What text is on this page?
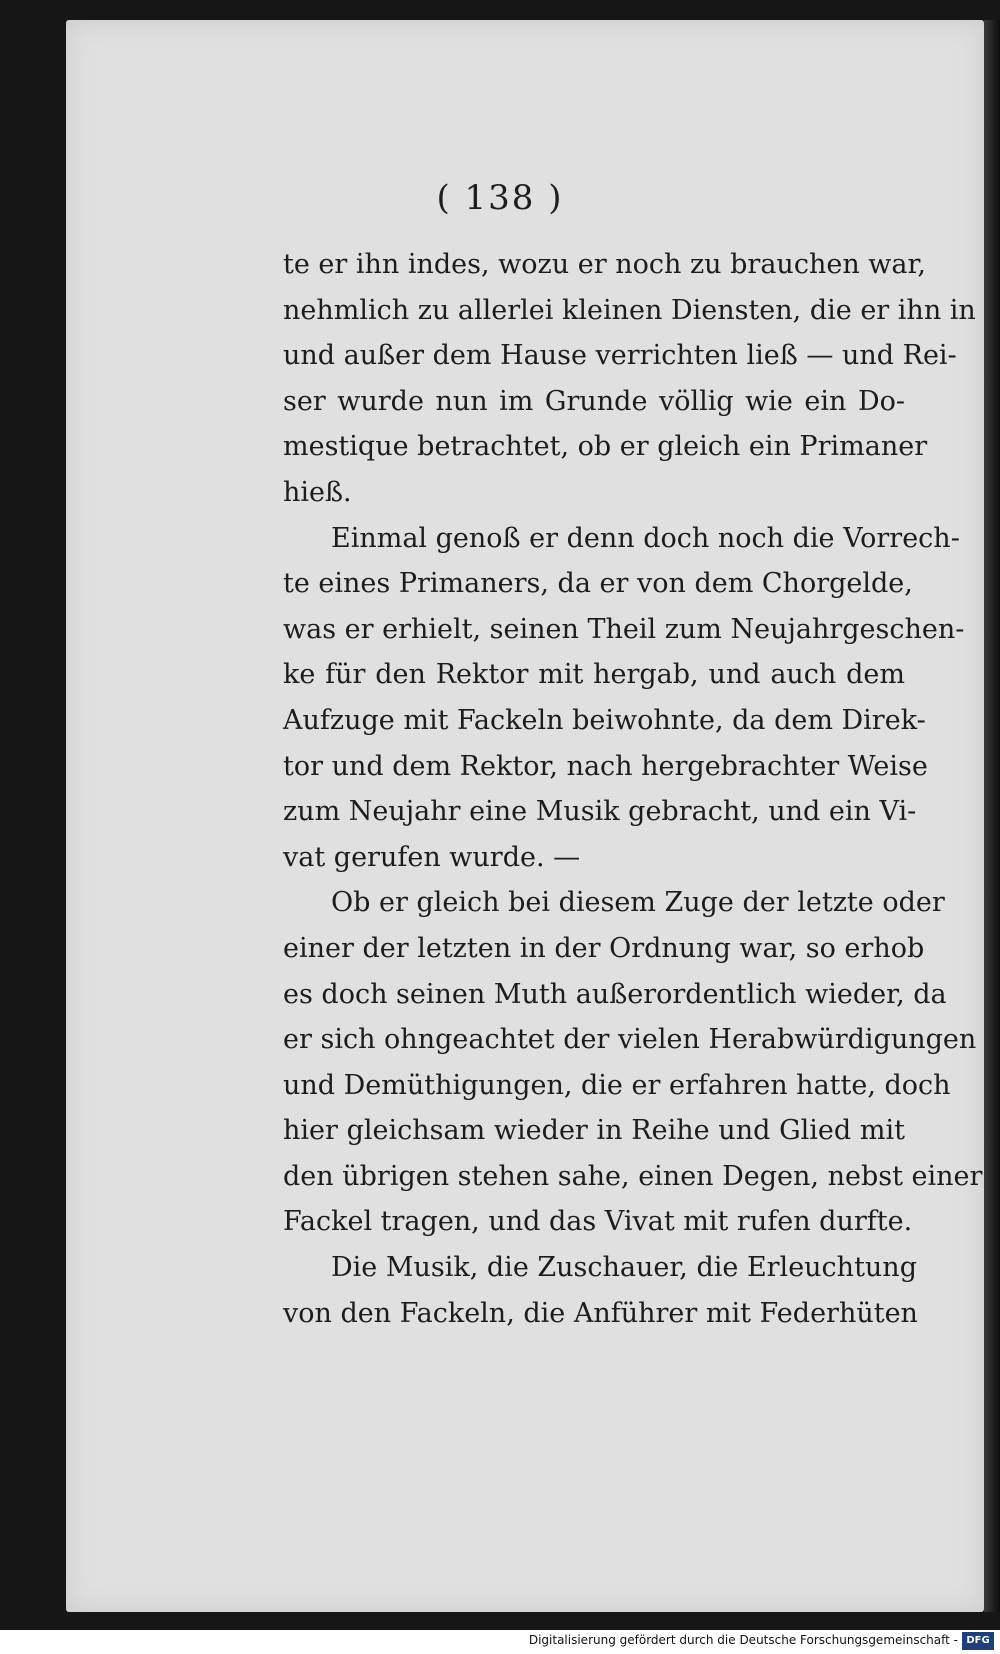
( 138 )

te er ihn indes, wozu er noch zu brauchen war,
nehmlich zu allerlei kleinen Diensten, die er ihn in
und außer dem Hause verrichten ließ — und Rei-
ser wurde nun im Grunde völlig wie ein Do-
mestique betrachtet, ob er gleich ein Primaner
hieß.
Einmal genoß er denn doch noch die Vorrech-
te eines Primaners, da er von dem Chorgelde,
was er erhielt, seinen Theil zum Neujahrgeschen-
ke für den Rektor mit hergab, und auch dem
Aufzuge mit Fackeln beiwohnte, da dem Direk-
tor und dem Rektor, nach hergebrachter Weise
zum Neujahr eine Musik gebracht, und ein Vi-
vat gerufen wurde. —
Ob er gleich bei diesem Zuge der letzte oder
einer der letzten in der Ordnung war, so erhob
es doch seinen Muth außerordentlich wieder, da
er sich ohngeachtet der vielen Herabwürdigungen
und Demüthigungen, die er erfahren hatte, doch
hier gleichsam wieder in Reihe und Glied mit
den übrigen stehen sahe, einen Degen, nebst einer
Fackel tragen, und das Vivat mit rufen durfte.
Die Musik, die Zuschauer, die Erleuchtung
von den Fackeln, die Anführer mit Federhüten
Digitalisierung gefördert durch die Deutsche Forschungsgemeinschaft - DFG
